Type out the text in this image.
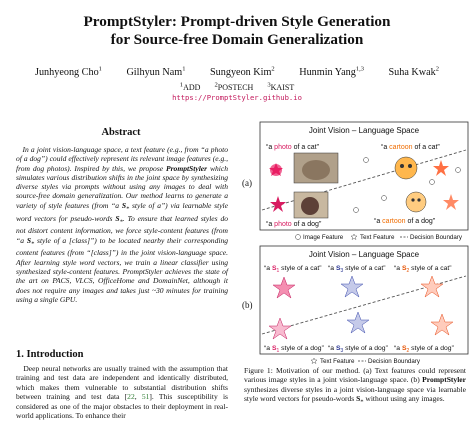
PromptStyler: Prompt-driven Style Generation
for Source-free Domain Generalization
Junhyeong Cho$^1$ Gilhyun Nam$^1$ Sungyeon Kim$^2$ Hunmin Yang$^{1,3}$ Suha Kwak$^2$
$^1$ADD $^2$POSTECH $^3$KAIST
https://PromptStyler.github.io
Abstract

In a joint vision-language space, a text feature (e.g., from “a photo of a dog”) could effectively represent its relevant image features (e.g., from dog photos). Inspired by this, we propose PromptStyler which simulates various distribution shifts in the joint space by synthesizing diverse styles via prompts without using any images to deal with source-free domain generalization. Our method learns to generate a variety of style features (from “a $S_*$ style of a”) via learnable style word vectors for pseudo-words $S_*$. To ensure that learned styles do not distort content information, we force style-content features (from “a $S_*$ style of a [class]”) to be located nearby their corresponding content features (from “[class]”) in the joint vision-language space. After learning style word vectors, we train a linear classifier using synthesized style-content features. PromptStyler achieves the state of the art on PACS, VLCS, OfficeHome and DomainNet, although it does not require any images and takes just ~30 minutes for training using a single GPU.

1. Introduction
Deep neural networks are usually trained with the assumption that training and test data are independent and identically distributed, which makes them vulnerable to substantial distribution shifts between training and test data [22, 51]. This susceptibility is considered as one of the major obstacles to their deployment in real-world applications. To enhance their
(a)
Joint Vision – Language Space
“a photo of a cat”	“a cartoon of a cat”
“a photo of a dog”	“a cartoon of a dog”
Image Feature	Text Feature	Decision Boundary
(b)
Joint Vision – Language Space
“a $S_1$ style of a cat” “a $S_3$ style of a cat” “a $S_2$ style of a cat”
“a $S_1$ style of a dog” “a $S_3$ style of a dog” “a $S_2$ style of a dog”
Text Feature Decision Boundary
Figure 1: Motivation of our method. (a) Text features could represent various image styles in a joint vision-language space. (b) PromptStyler synthesizes diverse styles in a joint vision-language space via learnable style word vectors for pseudo-words $S_*$ without using any images.
